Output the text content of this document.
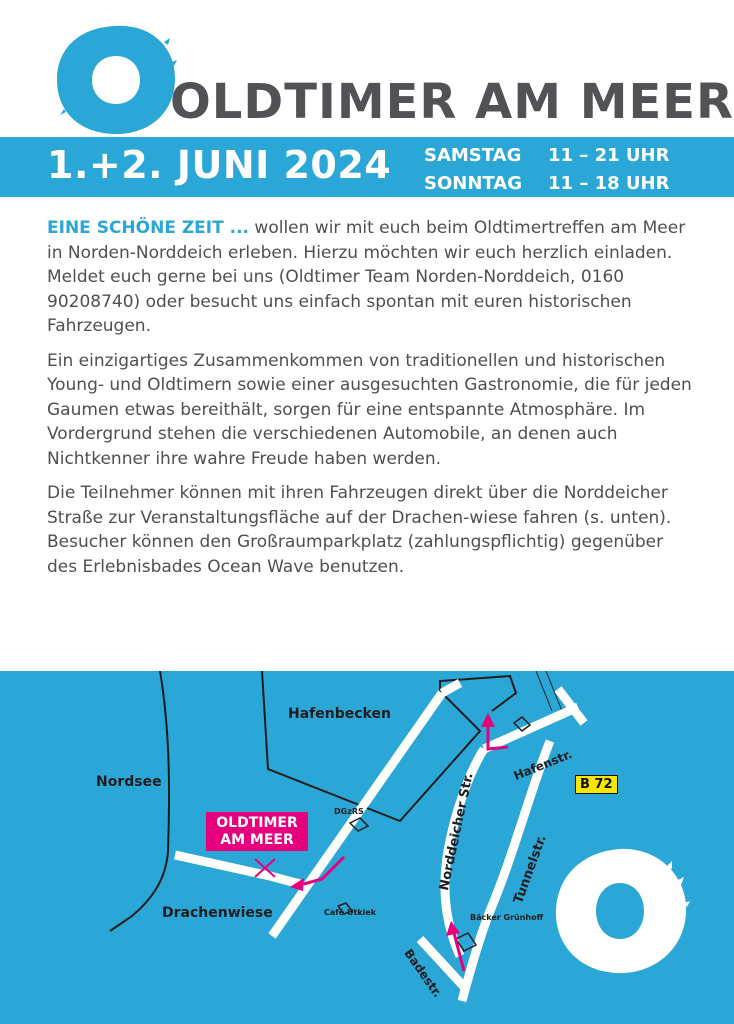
OLDTIMER AM MEER
1.+2. JUNI 2024 SAMSTAG 11 – 21 UHR
SONNTAG 11 – 18 UHR

EINE SCHÖNE ZEIT ... wollen wir mit euch beim Oldtimertreffen am Meer in Norden-Norddeich erleben. Hierzu möchten wir euch herzlich einladen. Meldet euch gerne bei uns (Oldtimer Team Norden-Norddeich, 0160 90208740) oder besucht uns einfach spontan mit euren historischen Fahrzeugen.

Ein einzigartiges Zusammenkommen von traditionellen und historischen Young- und Oldtimern sowie einer ausgesuchten Gastronomie, die für jeden Gaumen etwas bereithält, sorgen für eine entspannte Atmosphäre. Im Vordergrund stehen die verschiedenen Automobile, an denen auch Nichtkenner ihre wahre Freude haben werden.

Die Teilnehmer können mit ihren Fahrzeugen direkt über die Norddeicher Straße zur Veranstaltungsfläche auf der Drachen-wiese fahren (s. unten). Besucher können den Großraumparkplatz (zahlungspflichtig) gegenüber des Erlebnisbades Ocean Wave benutzen.

Hafenbecken
Nordsee
Drachenwiese
DGzRS
Café Utkiek
Bäcker Grünhoff
Norddeicher Str.
Hafenstr.
Tunnelstr.
Badestr.
B 72
OLDTIMER
AM MEER
